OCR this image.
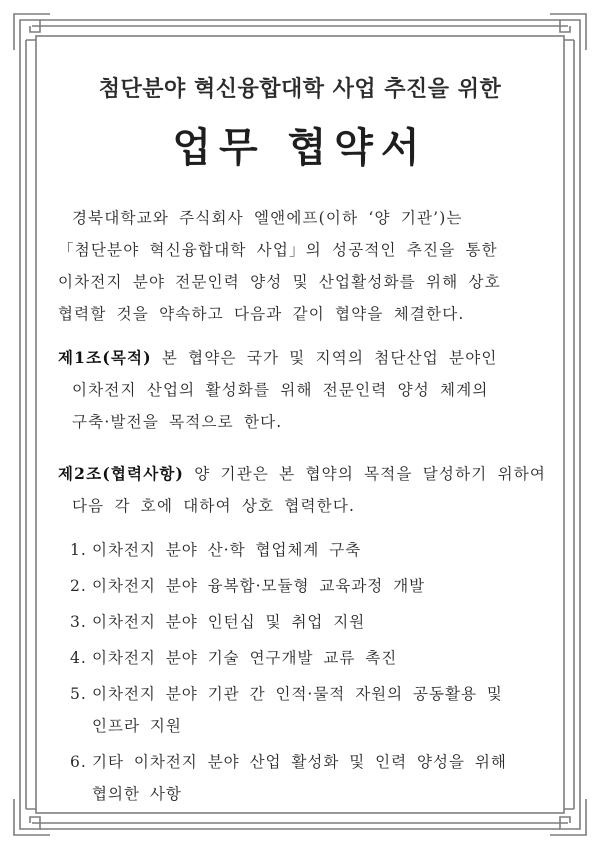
첨단분야 혁신융합대학 사업 추진을 위한
업무 협약서
경북대학교와 주식회사 엘앤에프(이하 ‘양 기관’)는
「첨단분야 혁신융합대학 사업」의 성공적인 추진을 통한
이차전지 분야 전문인력 양성 및 산업활성화를 위해 상호
협력할 것을 약속하고 다음과 같이 협약을 체결한다.
제1조(목적) 본 협약은 국가 및 지역의 첨단산업 분야인
이차전지 산업의 활성화를 위해 전문인력 양성 체계의
구축·발전을 목적으로 한다.
제2조(협력사항) 양 기관은 본 협약의 목적을 달성하기 위하여
다음 각 호에 대하여 상호 협력한다.
1. 이차전지 분야 산·학 협업체계 구축
2. 이차전지 분야 융복합·모듈형 교육과정 개발
3. 이차전지 분야 인턴십 및 취업 지원
4. 이차전지 분야 기술 연구개발 교류 촉진
5. 이차전지 분야 기관 간 인적·물적 자원의 공동활용 및
인프라 지원
6. 기타 이차전지 분야 산업 활성화 및 인력 양성을 위해
협의한 사항
